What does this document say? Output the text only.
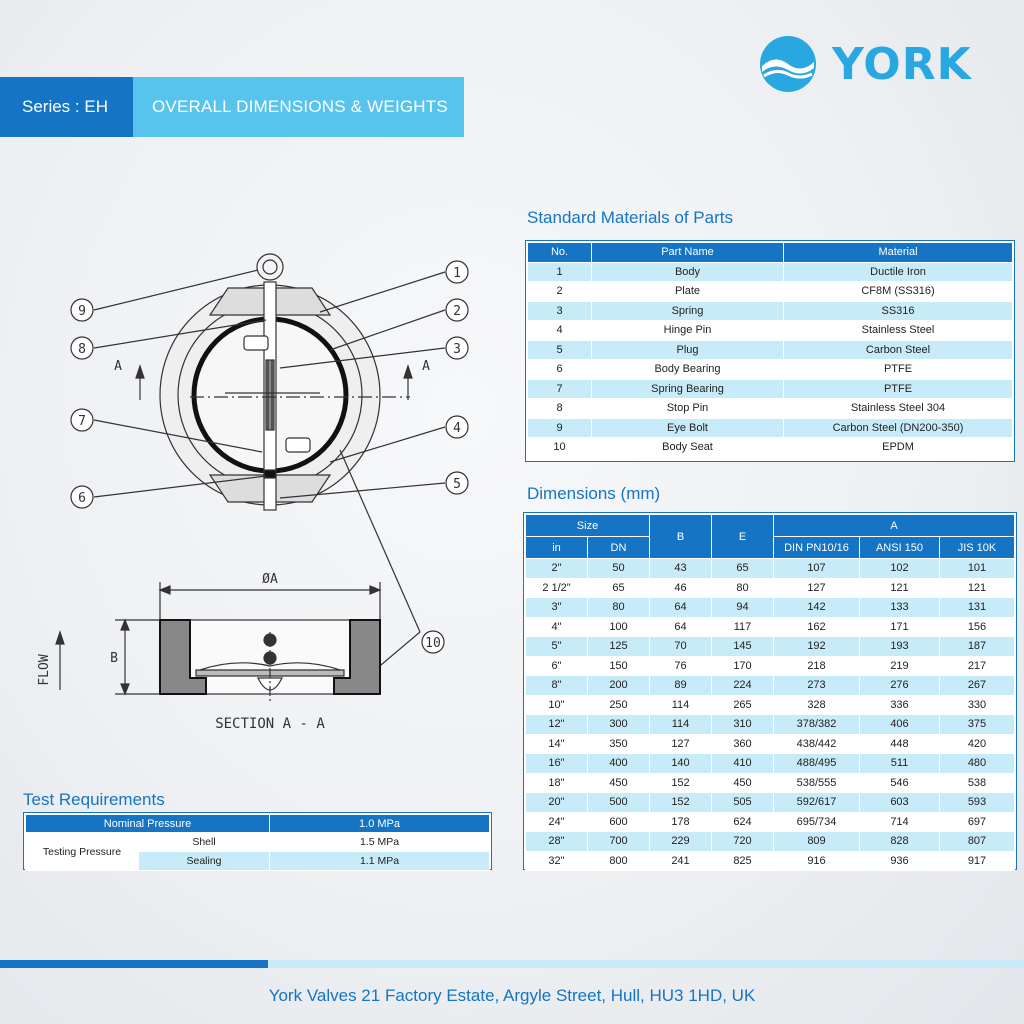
Series : EH	OVERALL DIMENSIONS & WEIGHTS
YORK
1
2
3
4
5
6
7
8
9
10
A	A
ØA
B
SECTION A - A
FLOW
Standard Materials of Parts
No.	Part Name	Material
1	Body	Ductile Iron
2	Plate	CF8M (SS316)
3	Spring	SS316
4	Hinge Pin	Stainless Steel
5	Plug	Carbon Steel
6	Body Bearing	PTFE
7	Spring Bearing	PTFE
8	Stop Pin	Stainless Steel 304
9	Eye Bolt	Carbon Steel (DN200-350)
10	Body Seat	EPDM
Dimensions (mm)
Size		B	E	A		
in	DN			DIN PN10/16	ANSI 150	JIS 10K
2"	50	43	65	107	102	101
2 1/2"	65	46	80	127	121	121
3"	80	64	94	142	133	131
4"	100	64	117	162	171	156
5"	125	70	145	192	193	187
6"	150	76	170	218	219	217
8"	200	89	224	273	276	267
10"	250	114	265	328	336	330
12"	300	114	310	378/382	406	375
14"	350	127	360	438/442	448	420
16"	400	140	410	488/495	511	480
18"	450	152	450	538/555	546	538
20"	500	152	505	592/617	603	593
24"	600	178	624	695/734	714	697
28"	700	229	720	809	828	807
32"	800	241	825	916	936	917
Test Requirements
Nominal Pressure		1.0 MPa
Testing Pressure	Shell	1.5 MPa
	Sealing	1.1 MPa
York Valves 21 Factory Estate, Argyle Street, Hull, HU3 1HD, UK
